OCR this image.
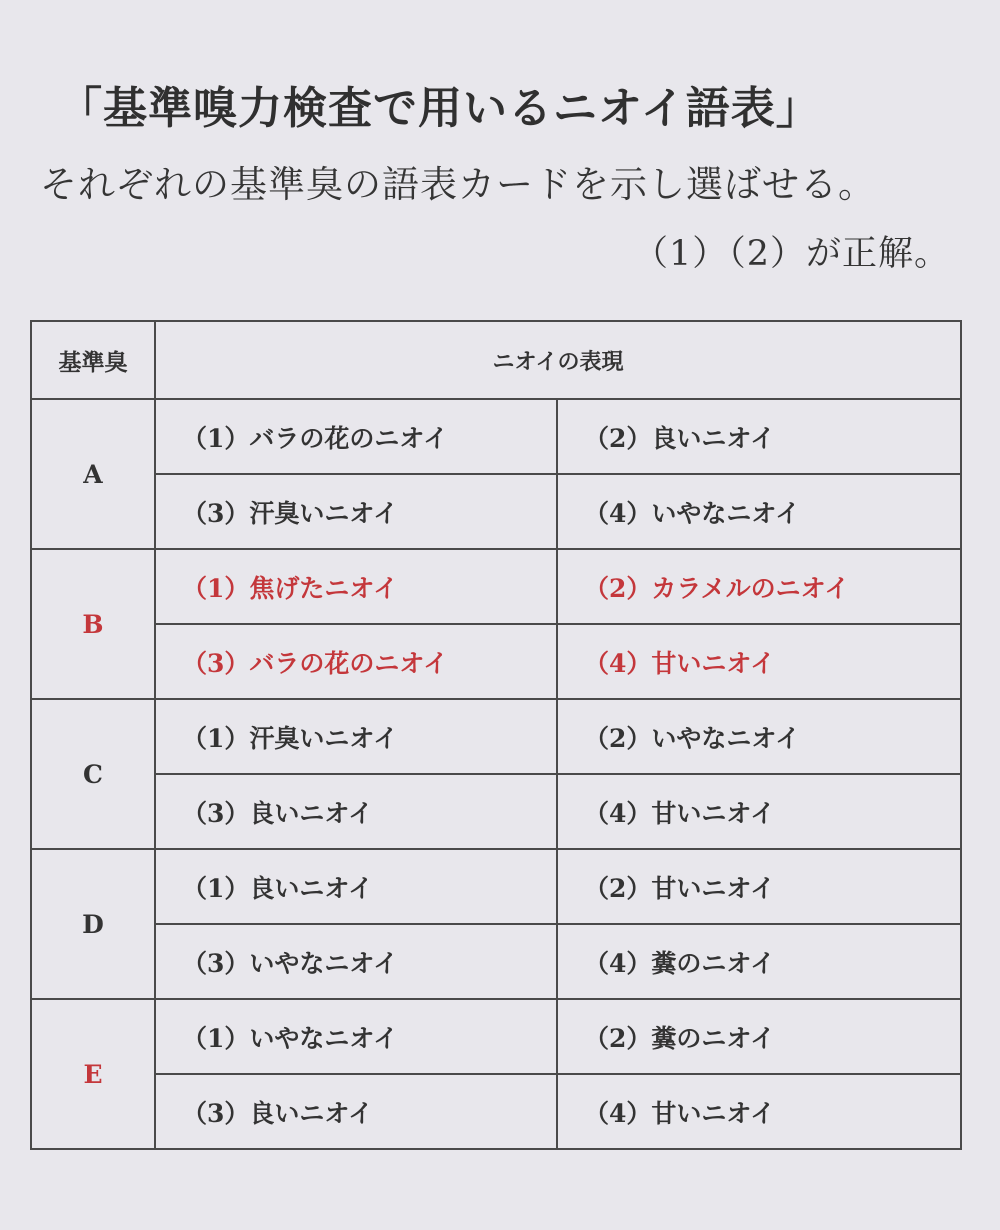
「基準嗅力検査で用いるニオイ語表」
それぞれの基準臭の語表カードを示し選ばせる。
（1）（2）が正解。
基準臭	ニオイの表現	
A	（1）バラの花のニオイ	（2）良いニオイ
	（3）汗臭いニオイ	（4）いやなニオイ
B	（1）焦げたニオイ	（2）カラメルのニオイ
	（3）バラの花のニオイ	（4）甘いニオイ
C	（1）汗臭いニオイ	（2）いやなニオイ
	（3）良いニオイ	（4）甘いニオイ
D	（1）良いニオイ	（2）甘いニオイ
	（3）いやなニオイ	（4）糞のニオイ
E	（1）いやなニオイ	（2）糞のニオイ
	（3）良いニオイ	（4）甘いニオイ
